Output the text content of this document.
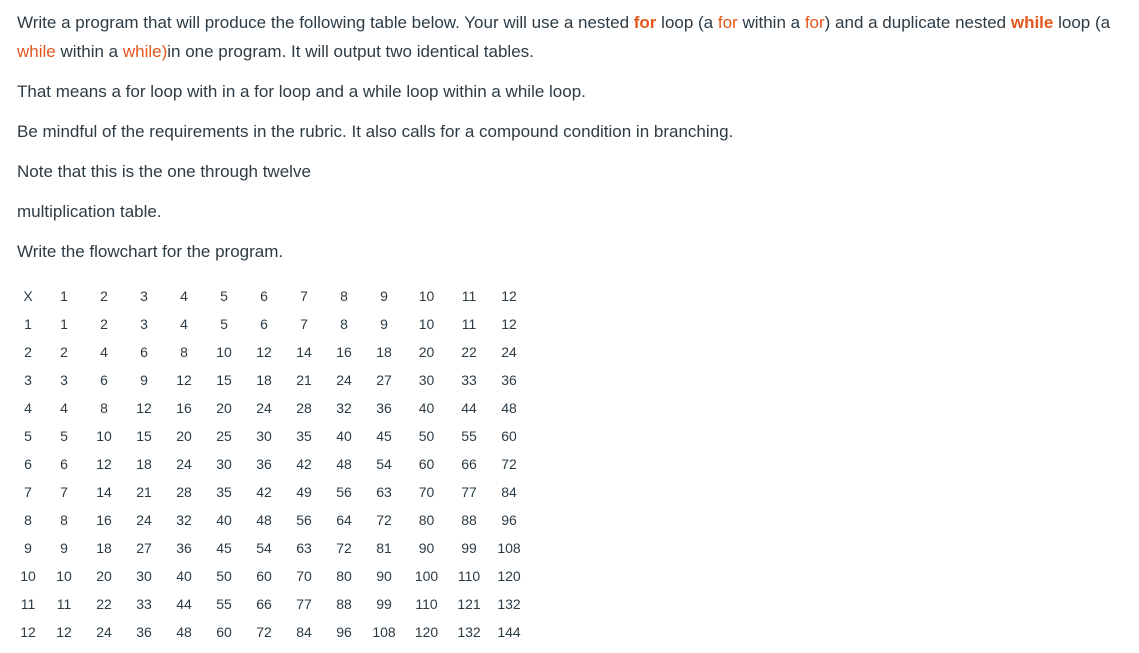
Write a program that will produce the following table below. Your will use a nested for loop (a for within a for) and a duplicate nested while loop (a while within a while)in one program. It will output two identical tables.

That means a for loop with in a for loop and a while loop within a while loop.

Be mindful of the requirements in the rubric. It also calls for a compound condition in branching.

Note that this is the one through twelve

multiplication table.

Write the flowchart for the program.

X	1	2	3	4	5	6	7	8	9	10	11	12
1	1	2	3	4	5	6	7	8	9	10	11	12
2	2	4	6	8	10	12	14	16	18	20	22	24
3	3	6	9	12	15	18	21	24	27	30	33	36
4	4	8	12	16	20	24	28	32	36	40	44	48
5	5	10	15	20	25	30	35	40	45	50	55	60
6	6	12	18	24	30	36	42	48	54	60	66	72
7	7	14	21	28	35	42	49	56	63	70	77	84
8	8	16	24	32	40	48	56	64	72	80	88	96
9	9	18	27	36	45	54	63	72	81	90	99	108
10	10	20	30	40	50	60	70	80	90	100	110	120
11	11	22	33	44	55	66	77	88	99	110	121	132
12	12	24	36	48	60	72	84	96	108	120	132	144
